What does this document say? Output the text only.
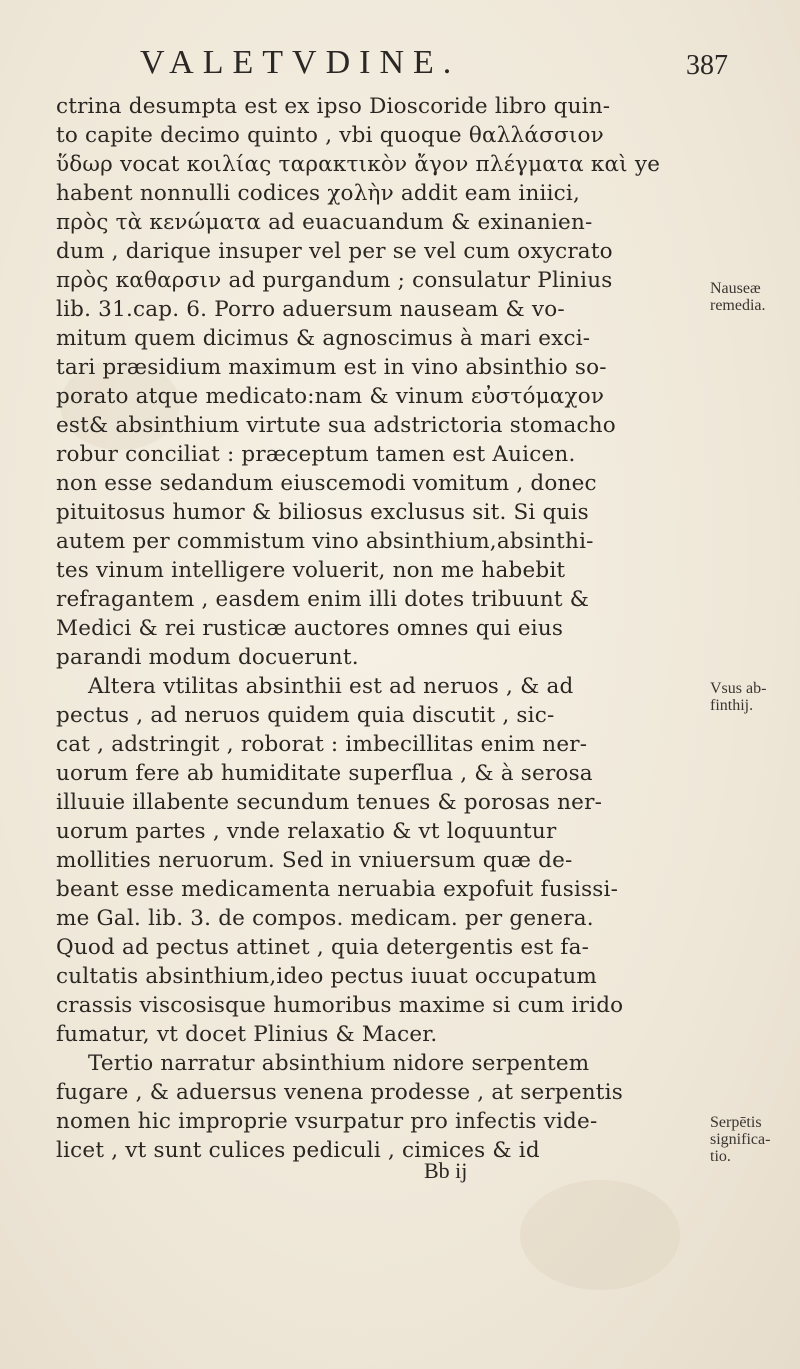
VALETVDINE.	387
ctrina desumpta est ex ipso Dioscoride libro quin-
to capite decimo quinto , vbi quoque θαλλάσσιον
ὕδωρ vocat κοιλίας ταρακτικὸν ἄγον πλέγματα καὶ ye
habent nonnulli codices χολὴν addit eam iniici,
πρὸς τὰ κενώματα ad euacuandum & exinanien-
dum , darique insuper vel per se vel cum oxycrato
πρὸς καθαρσιν ad purgandum ; consulatur Plinius
lib. 31.cap. 6. Porro aduersum nauseam & vo-
mitum quem dicimus & agnoscimus à mari exci-
tari præsidium maximum est in vino absinthio so-
porato atque medicato:nam & vinum εὐστόμαχον
est& absinthium virtute sua adstrictoria stomacho
robur conciliat : præceptum tamen est Auicen.
non esse sedandum eiuscemodi vomitum , donec
pituitosus humor & biliosus exclusus sit. Si quis
autem per commistum vino absinthium,absinthi-
tes vinum intelligere voluerit, non me habebit
refragantem , easdem enim illi dotes tribuunt &
Medici & rei rusticæ auctores omnes qui eius
parandi modum docuerunt.
Altera vtilitas absinthii est ad neruos , & ad
pectus , ad neruos quidem quia discutit , sic-
cat , adstringit , roborat : imbecillitas enim ner-
uorum fere ab humiditate superflua , & à serosa
illuuie illabente secundum tenues & porosas ner-
uorum partes , vnde relaxatio & vt loquuntur
mollities neruorum. Sed in vniuersum quæ de-
beant esse medicamenta neruabia expofuit fusissi-
me Gal. lib. 3. de compos. medicam. per genera.
Quod ad pectus attinet , quia detergentis est fa-
cultatis absinthium,ideo pectus iuuat occupatum
crassis viscosisque humoribus maxime si cum irido
fumatur, vt docet Plinius & Macer.
Tertio narratur absinthium nidore serpentem
fugare , & aduersus venena prodesse , at serpentis
nomen hic improprie vsurpatur pro infectis vide-
licet , vt sunt culices pediculi , cimices & id
Bb ij
Nauseæ
remedia.
Vsus ab-
finthij.
Serpētis
significa-
tio.
